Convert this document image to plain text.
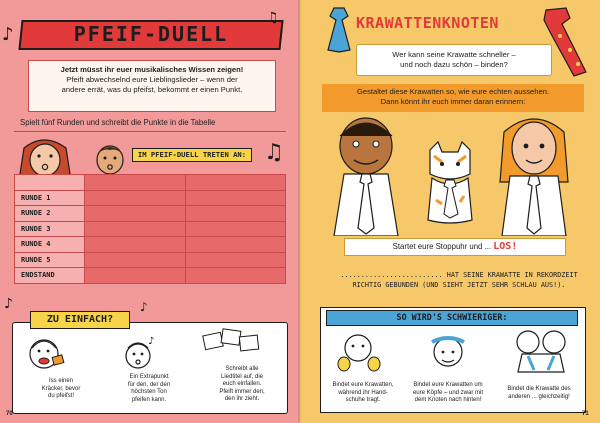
PFEIF-DUELL
♪
♫
♫
♪	♪

Jetzt müsst ihr euer musikalisches Wissen zeigen!

Pfeift abwechselnd eure Lieblingslieder – wenn der

andere errät, was du pfeifst, bekommt er einen Punkt.

Spielt fünf Runden und schreibt die Punkte in die Tabelle
IM PFEIF-DUELL TRETEN AN:

RUNDE 1		
RUNDE 2		
RUNDE 3		
RUNDE 4		
RUNDE 5		
ENDSTAND		
ZU EINFACH?
♪
Iss einen
Kräcker, bevor
du pfeifst!
Ein Extrapunkt
für den, der den
höchsten Ton
pfeifen kann.
Schreibt alle
Liedtitel auf, die
euch einfallen.
Pfeift immer den,
den ihr zieht.
70
KRAWATTENKNOTEN
Wer kann seine Krawatte schneller –
und noch dazu schön – binden?
Gestaltet diese Krawatten so, wie eure echten aussehen.
Dann könnt ihr euch immer daran erinnern:
Startet eure Stoppuhr und ... LOS!
......................... HAT SEINE KRAWATTE IN REKORDZEIT
RICHTIG GEBUNDEN (UND SIEHT JETZT SEHR SCHLAU AUS!).
SO WIRD'S SCHWIERIGER:
Bindet eure Krawatten,
während ihr Hand-
schuhe tragt.
Bindet eure Krawatten um
eure Köpfe – und zwar mit
dem Knoten nach hinten!
Bindet die Krawatte des
anderen ... gleichzeitig!
71
